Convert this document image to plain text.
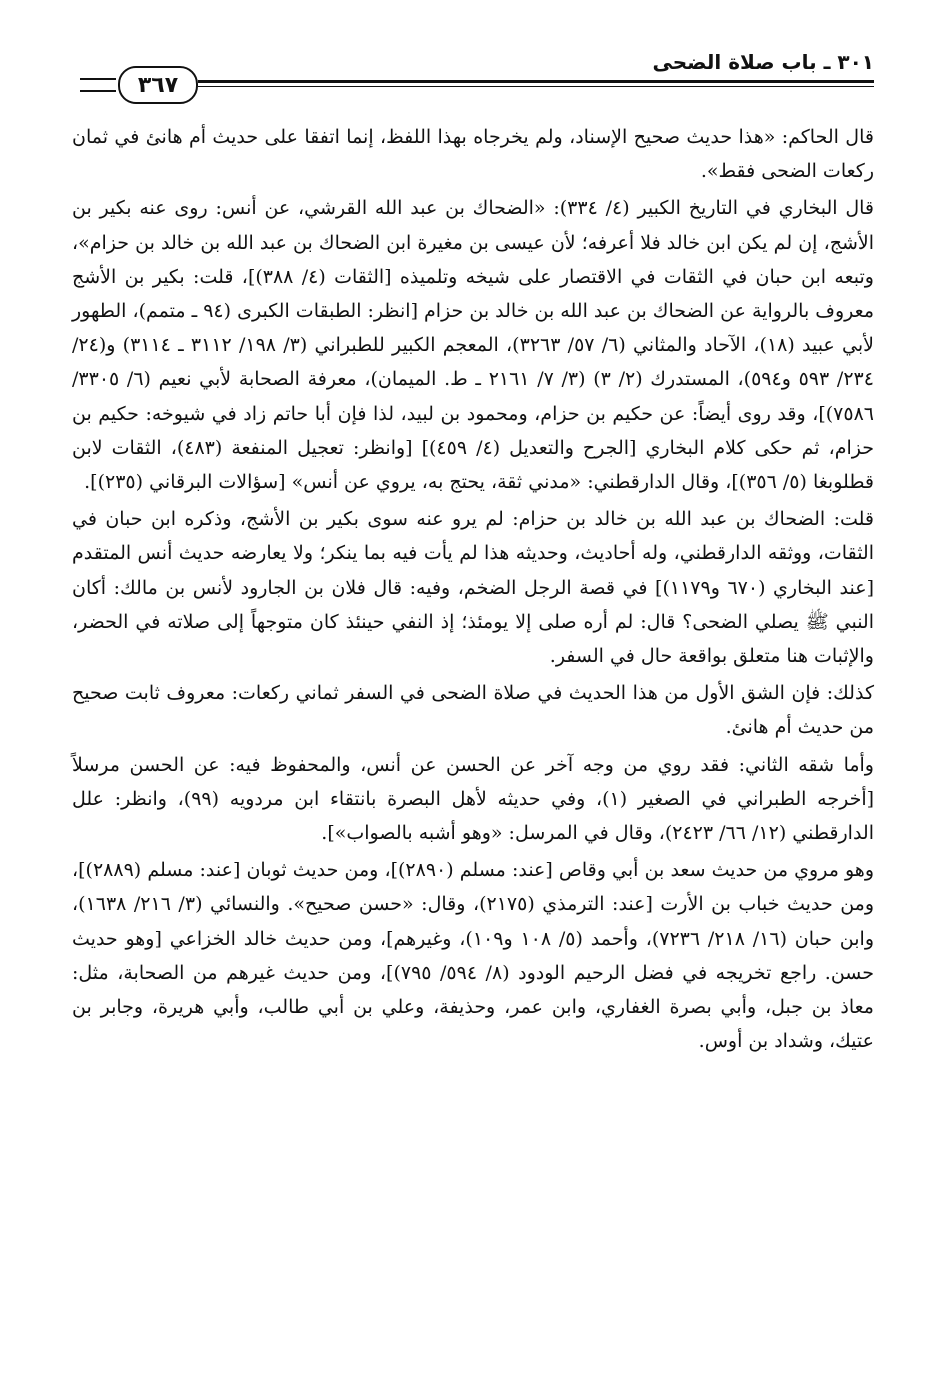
٣٠١ ـ باب صلاة الضحى
٣٦٧

قال الحاكم: «هذا حديث صحيح الإسناد، ولم يخرجاه بهذا اللفظ، إنما اتفقا على حديث أم هانئ في ثمان ركعات الضحى فقط».

قال البخاري في التاريخ الكبير (٤/ ٣٣٤): «الضحاك بن عبد الله القرشي، عن أنس: روى عنه بكير بن الأشج، إن لم يكن ابن خالد فلا أعرفه؛ لأن عيسى بن مغيرة ابن الضحاك بن عبد الله بن خالد بن حزام»، وتبعه ابن حبان في الثقات في الاقتصار على شيخه وتلميذه [الثقات (٤/ ٣٨٨)]، قلت: بكير بن الأشج معروف بالرواية عن الضحاك بن عبد الله بن خالد بن حزام [انظر: الطبقات الكبرى (٩٤ ـ متمم)، الطهور لأبي عبيد (١٨)، الآحاد والمثاني (٦/ ٥٧/ ٣٢٦٣)، المعجم الكبير للطبراني (٣/ ١٩٨/ ٣١١٢ ـ ٣١١٤) و(٢٤/ ٢٣٤/ ٥٩٣ و٥٩٤)، المستدرك (٢/ ٣) (٣/ ٧/ ٢١٦١ ـ ط. الميمان)، معرفة الصحابة لأبي نعيم (٦/ ٣٣٠٥/ ٧٥٨٦)]، وقد روى أيضاً: عن حكيم بن حزام، ومحمود بن لبيد، لذا فإن أبا حاتم زاد في شيوخه: حكيم بن حزام، ثم حكى كلام البخاري [الجرح والتعديل (٤/ ٤٥٩)] [وانظر: تعجيل المنفعة (٤٨٣)، الثقات لابن قطلوبغا (٥/ ٣٥٦)]، وقال الدارقطني: «مدني ثقة، يحتج به، يروي عن أنس» [سؤالات البرقاني (٢٣٥)].

قلت: الضحاك بن عبد الله بن خالد بن حزام: لم يرو عنه سوى بكير بن الأشج، وذكره ابن حبان في الثقات، ووثقه الدارقطني، وله أحاديث، وحديثه هذا لم يأت فيه بما ينكر؛ ولا يعارضه حديث أنس المتقدم [عند البخاري (٦٧٠ و١١٧٩)] في قصة الرجل الضخم، وفيه: قال فلان بن الجارود لأنس بن مالك: أكان النبي ﷺ يصلي الضحى؟ قال: لم أره صلى إلا يومئذ؛ إذ النفي حينئذ كان متوجهاً إلى صلاته في الحضر، والإثبات هنا متعلق بواقعة حال في السفر.

كذلك: فإن الشق الأول من هذا الحديث في صلاة الضحى في السفر ثماني ركعات: معروف ثابت صحيح من حديث أم هانئ.

وأما شقه الثاني: فقد روي من وجه آخر عن الحسن عن أنس، والمحفوظ فيه: عن الحسن مرسلاً [أخرجه الطبراني في الصغير (١)، وفي حديثه لأهل البصرة بانتقاء ابن مردويه (٩٩)، وانظر: علل الدارقطني (١٢/ ٦٦/ ٢٤٢٣)، وقال في المرسل: «وهو أشبه بالصواب»].

وهو مروي من حديث سعد بن أبي وقاص [عند: مسلم (٢٨٩٠)]، ومن حديث ثوبان [عند: مسلم (٢٨٨٩)]، ومن حديث خباب بن الأرت [عند: الترمذي (٢١٧٥)، وقال: «حسن صحيح». والنسائي (٣/ ٢١٦/ ١٦٣٨)، وابن حبان (١٦/ ٢١٨/ ٧٢٣٦)، وأحمد (٥/ ١٠٨ و١٠٩)، وغيرهم]، ومن حديث خالد الخزاعي [وهو حديث حسن. راجع تخريجه في فضل الرحيم الودود (٨/ ٥٩٤/ ٧٩٥)]، ومن حديث غيرهم من الصحابة، مثل: معاذ بن جبل، وأبي بصرة الغفاري، وابن عمر، وحذيفة، وعلي بن أبي طالب، وأبي هريرة، وجابر بن عتيك، وشداد بن أوس.
